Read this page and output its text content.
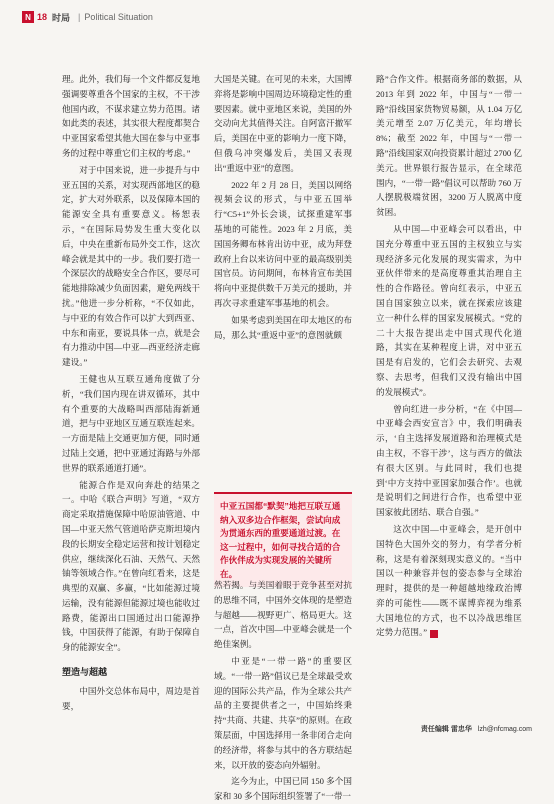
N 18 时局 | Political Situation

理。此外，我们每一个文件都反复地强调要尊重各个国家的主权，不干涉他国内政，不谋求建立势力范围。诸如此类的表述，其实很大程度都契合中亚国家希望其他大国在参与中亚事务的过程中尊重它们主权的考虑。”

对于中国来说，进一步提升与中亚五国的关系，对实现西部地区的稳定，扩大对外联系，以及保障本国的能源安全具有重要意义。杨恕表示，“在国际局势发生重大变化以后，中央在重新布局外交工作，这次峰会就是其中的一步。我们要打造一个深层次的战略安全合作区，要尽可能地排除减少负面因素，避免两线干扰。”他进一步分析称，“不仅如此，与中亚的有效合作可以扩大到西亚、中东和南亚，要说具体一点，就是会有力推动中国—中亚—西亚经济走廊建设。”

王健也从互联互通角度做了分析，“我们国内现在讲双循环，其中有个重要的大战略叫西部陆海新通道，把与中亚地区互通互联连起来。一方面是陆上交通更加方便，同时通过陆上交通，把中亚通过海路与外部世界的联系通道打通”。

能源合作是双向奔赴的结果之一。中哈《联合声明》写道，“双方商定采取措施保障中哈原油管道、中国—中亚天然气管道哈萨克斯坦境内段的长期安全稳定运营和按计划稳定供应，继续深化石油、天然气、天然铀等领域合作。”在曾向红看来，这是典型的双赢、多赢，“比如能源过境运输，没有能源但能源过境也能收过路费，能源出口国通过出口能源挣钱，中国获得了能源，有助于保障自身的能源安全”。

塑造与超越

中国外交总体布局中，周边是首要，

大国是关键。在可见的未来，大国博弈将是影响中国周边环境稳定性的重要因素。就中亚地区来说，美国的外交动向尤其值得关注。自阿富汗撤军后，美国在中亚的影响力一度下降，但俄乌冲突爆发后，美国又表现出“重返中亚”的意图。

2022 年 2 月 28 日，美国以网络视频会议的形式，与中亚五国举行“C5+1”外长会谈，试探重建军事基地的可能性。2023 年 2 月底，美国国务卿布林肯出访中亚，成为拜登政府上台以来访问中亚的最高级别美国官员。访问期间，布林肯宣布美国将向中亚提供数千万美元的援助，并再次寻求重建军事基地的机会。

如果考虑到美国在印太地区的布局，那么其“重返中亚”的意图就颇

中亚五国都“默契”地把互联互通纳入双多边合作框架，尝试向成为贯通东西的重要通道过渡。在这一过程中，如何寻找合适的合作伙伴成为实现发展的关键所在。

然若揭。与美国着眼于竞争甚至对抗的思维不同，中国外交体现的是塑造与超越——视野更广、格局更大。这一点，首次中国—中亚峰会就是一个绝佳案例。

中亚是“一带一路”的重要区域。“一带一路”倡议已是全球最受欢迎的国际公共产品，作为全球公共产品的主要提供者之一，中国始终秉持“共商、共建、共享”的原则。在政策层面，中国选择用一条非闭合走向的经济带，将参与其中的各方联结起来，以开放的姿态向外辐射。

迄今为止，中国已同 150 多个国家和 30 多个国际组织签署了“一带一

路”合作文件。根据商务部的数据，从2013 年到 2022 年，中国与“一带一路”沿线国家货物贸易额，从 1.04 万亿美元增至 2.07 万亿美元，年均增长 8%；截至 2022 年，中国与“一带一路”沿线国家双向投资累计超过 2700 亿美元。世界银行报告显示，在全球范围内，“一带一路”倡议可以帮助 760 万人摆脱极端贫困，3200 万人脱离中度贫困。

从中国—中亚峰会可以看出，中国充分尊重中亚五国的主权独立与实现经济多元化发展的现实需求，为中亚伙伴带来的是高度尊重其治理自主性的合作路径。曾向红表示，中亚五国自国家独立以来，就在探索应该建立一种什么样的国家发展模式。“党的二十大报告提出走中国式现代化道路，其实在某种程度上讲，对中亚五国是有启发的，它们会去研究、去观察、去思考，但我们又没有输出中国的发展模式”。

曾向红进一步分析，“在《中国—中亚峰会西安宣言》中，我们明确表示，‘自主选择发展道路和治理模式是由主权，不容干涉’，这与西方的做法有很大区别。与此同时，我们也提到‘中方支持中亚国家加强合作’。也就是说明们之间进行合作，也希望中亚国家彼此团结、联合自强。”

这次中国—中亚峰会，是开创中国特色大国外交的努力，有学者分析称，这是有着深刻现实意义的。“当中国以一种兼容并包的姿态参与全球治理时，提供的是一种超越地缘政治博弈的可能性——既不谋博弈视为维系大国地位的方式，也不以冷战思维匡定势力范围。”

责任编辑 雷忠华 lzh@nfcmag.com
